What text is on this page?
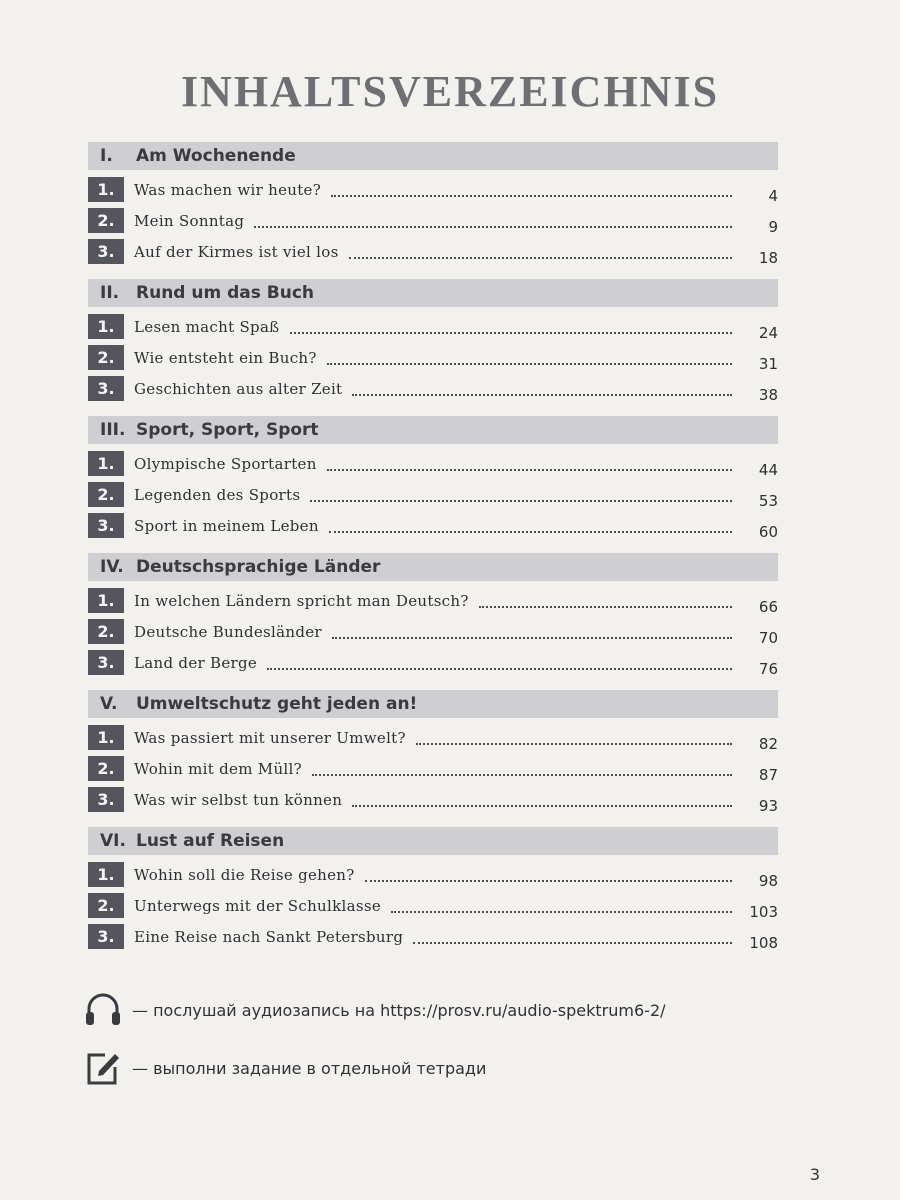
INHALTSVERZEICHNIS
I.	Am Wochenende
1.	Was machen wir heute?	4
2.	Mein Sonntag	9
3.	Auf der Kirmes ist viel los	18
II. Rund um das Buch
1.	Lesen macht Spaß	24
2.	Wie entsteht ein Buch?	31
3.	Geschichten aus alter Zeit	38
III. Sport, Sport, Sport
1.	Olympische Sportarten	44
2.	Legenden des Sports	53
3.	Sport in meinem Leben	60
IV. Deutschsprachige Länder
1.	In welchen Ländern spricht man Deutsch?	66
2.	Deutsche Bundesländer	70
3.	Land der Berge	76
V.	Umweltschutz geht jeden an!
1.	Was passiert mit unserer Umwelt?	82
2.	Wohin mit dem Müll?	87
3.	Was wir selbst tun können	93
VI. Lust auf Reisen
1.	Wohin soll die Reise gehen?	98
2.	Unterwegs mit der Schulklasse	103
3.	Eine Reise nach Sankt Petersburg	108
— послушай аудиозапись на https://prosv.ru/audio-spektrum6-2/
— выполни задание в отдельной тетради
3
